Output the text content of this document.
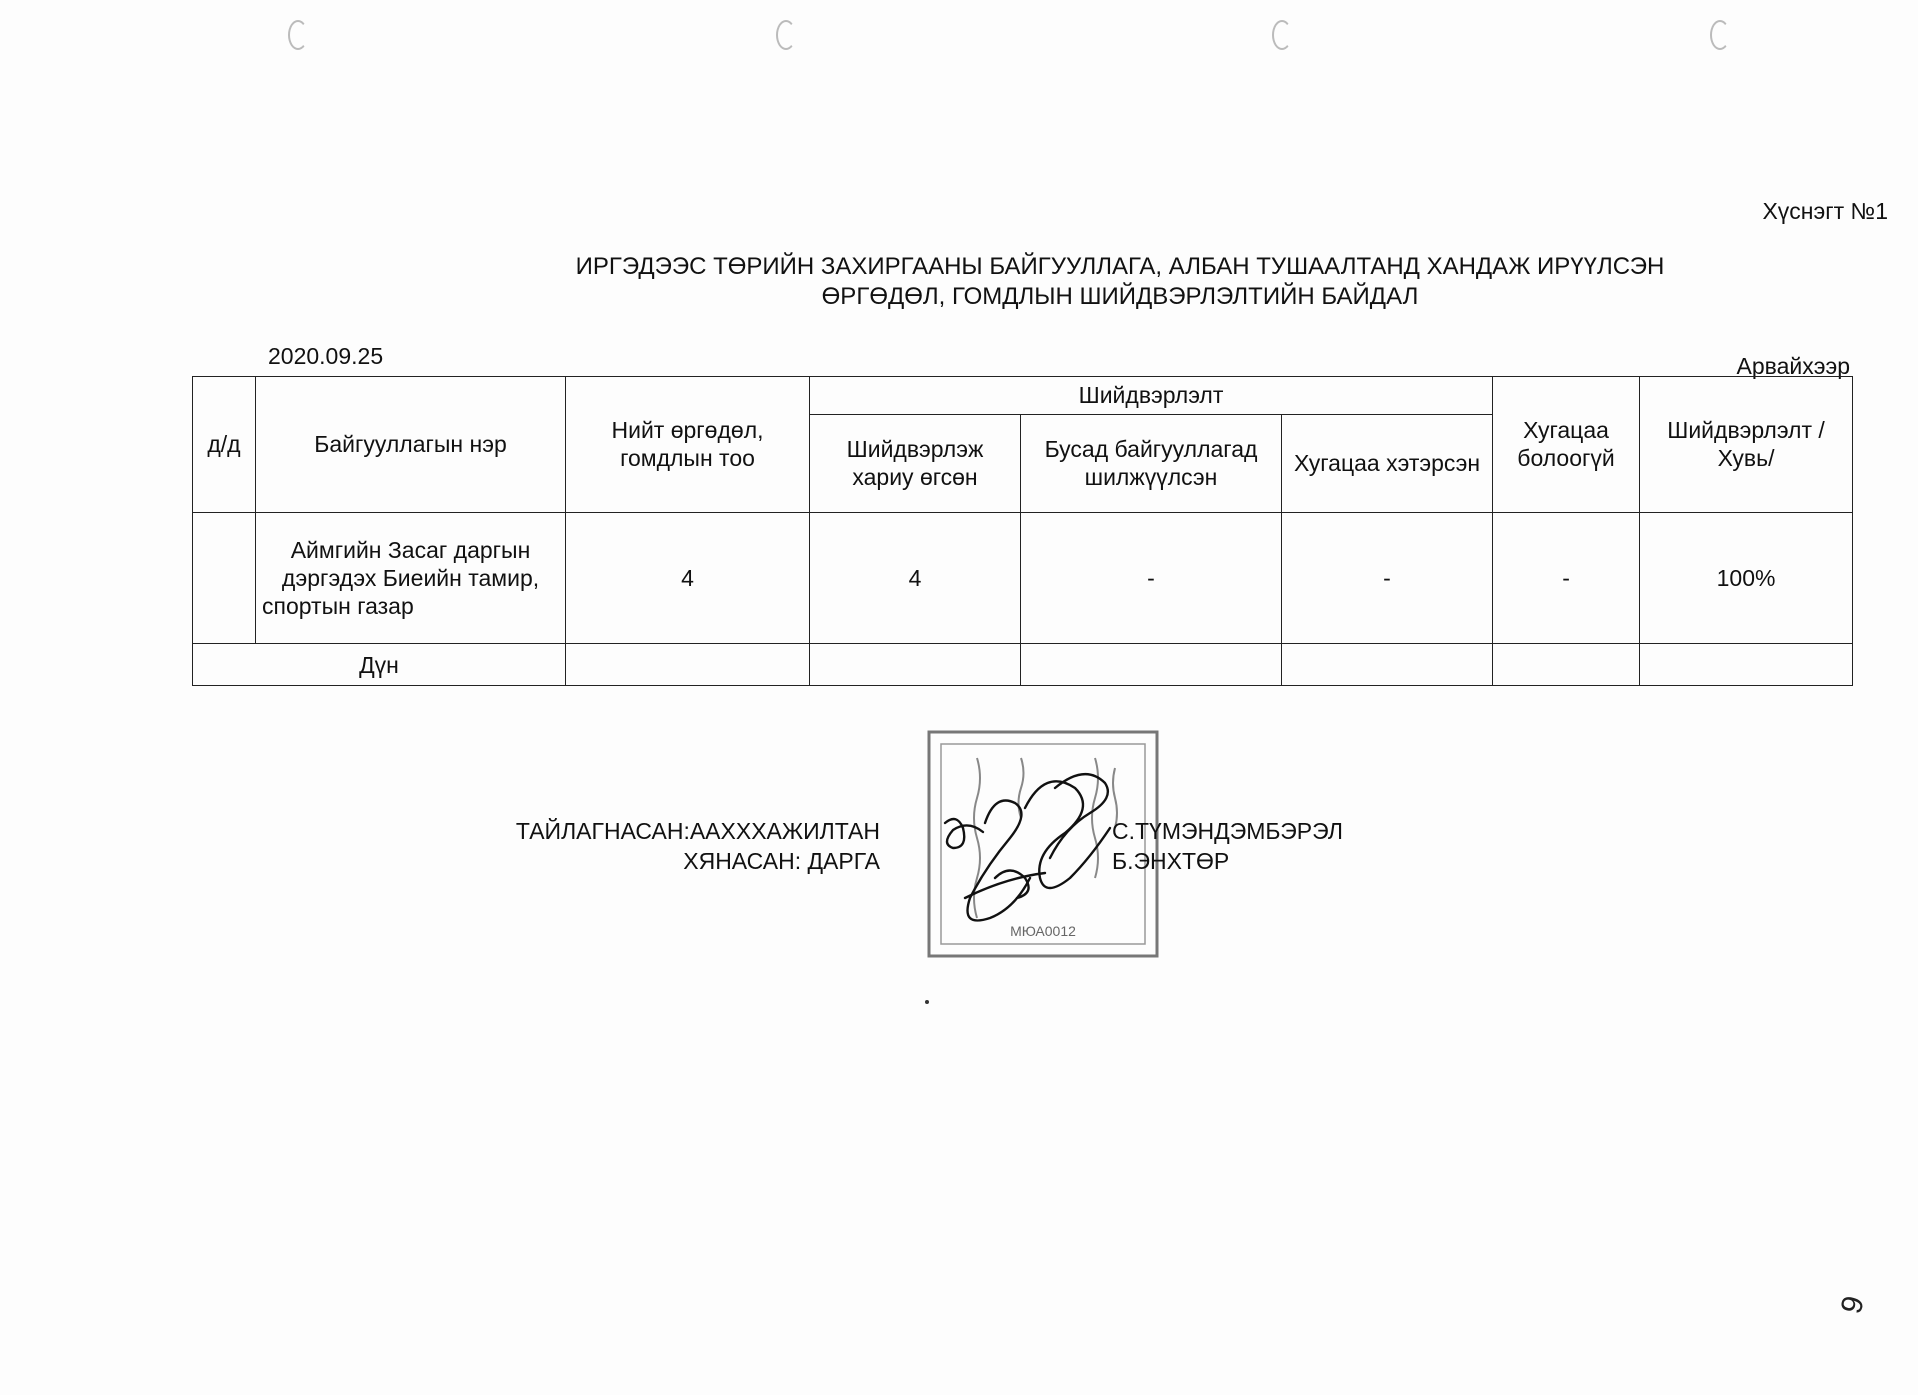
Хүснэгт №1
ИРГЭДЭЭС ТӨРИЙН ЗАХИРГААНЫ БАЙГУУЛЛАГА, АЛБАН ТУШААЛТАНД ХАНДАЖ ИРҮҮЛСЭН
ӨРГӨДӨЛ, ГОМДЛЫН ШИЙДВЭРЛЭЛТИЙН БАЙДАЛ
2020.09.25	Арвайхээр
д/д	Байгууллагын нэр	Нийт өргөдөл, гомдлын тоо	Шийдвэрлэлт			Хугацаа болоогүй	Шийдвэрлэлт /Хувь/
			Шийдвэрлэж хариу өгсөн	Бусад байгууллагад шилжүүлсэн	Хугацаа хэтэрсэн		
	Аймгийн Засаг даргын дэргэдэх Биеийн тамир, спортын газар	4	4	-	-	-	100%
Дүн							
МЮА0012
ТАЙЛАГНАСАН:АAХХХАЖИЛТАН
ХЯНАСАН: ДАРГА
С.ТҮМЭНДЭМБЭРЭЛ
Б.ЭНХТӨР
9
